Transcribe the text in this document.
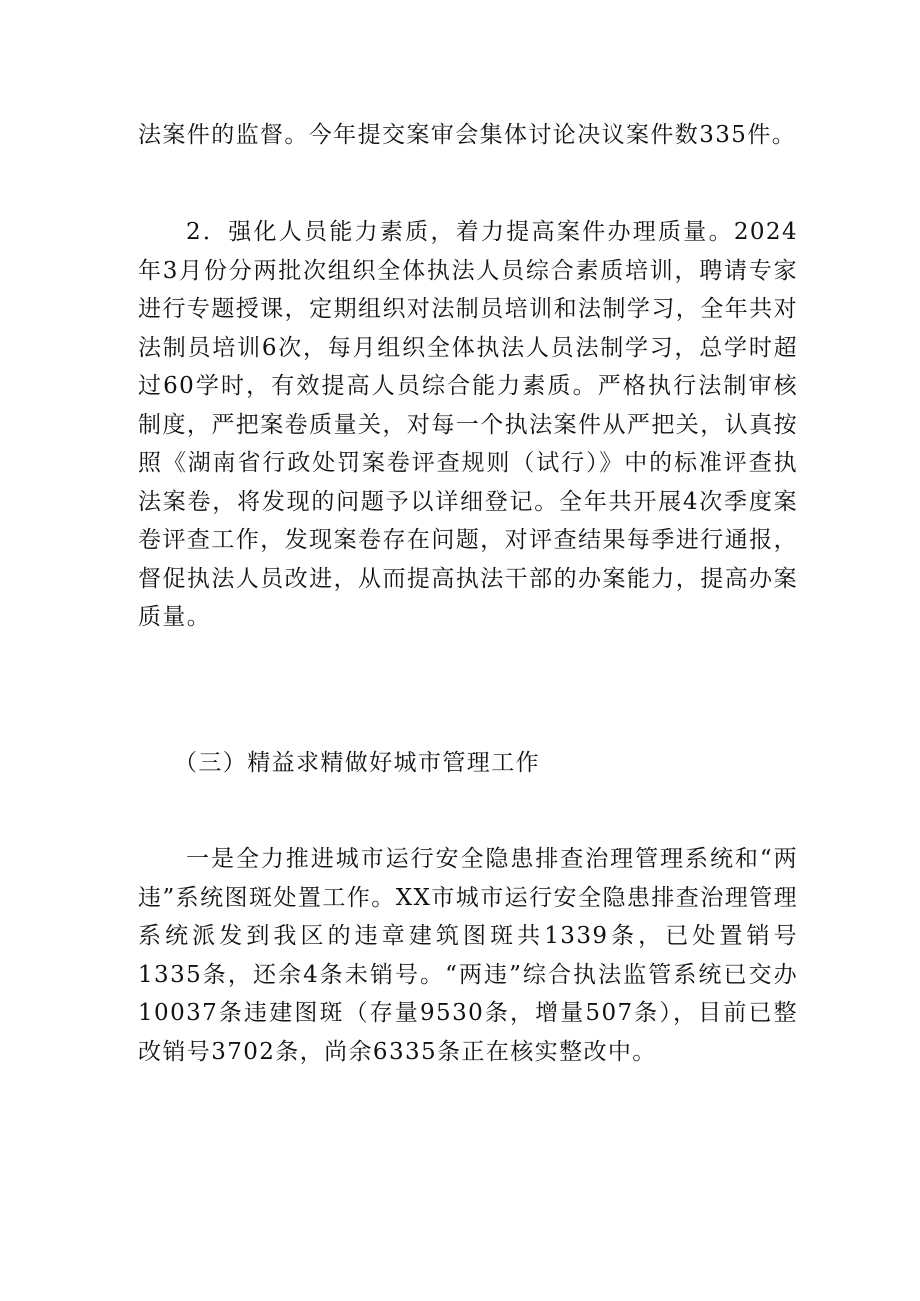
法案件的监督。今年提交案审会集体讨论决议案件数335件。

2．强化人员能力素质，着力提高案件办理质量。2024年3月份分两批次组织全体执法人员综合素质培训，聘请专家进行专题授课，定期组织对法制员培训和法制学习，全年共对法制员培训6次，每月组织全体执法人员法制学习，总学时超过60学时，有效提高人员综合能力素质。严格执行法制审核制度，严把案卷质量关，对每一个执法案件从严把关，认真按照《湖南省行政处罚案卷评查规则（试行）》中的标准评查执法案卷，将发现的问题予以详细登记。全年共开展4次季度案卷评查工作，发现案卷存在问题，对评查结果每季进行通报，督促执法人员改进，从而提高执法干部的办案能力，提高办案质量。

（三）精益求精做好城市管理工作

一是全力推进城市运行安全隐患排查治理管理系统和“两违”系统图斑处置工作。XX市城市运行安全隐患排查治理管理系统派发到我区的违章建筑图斑共1339条，已处置销号1335条，还余4条未销号。“两违”综合执法监管系统已交办10037条违建图斑（存量9530条，增量507条），目前已整改销号3702条，尚余6335条正在核实整改中。
